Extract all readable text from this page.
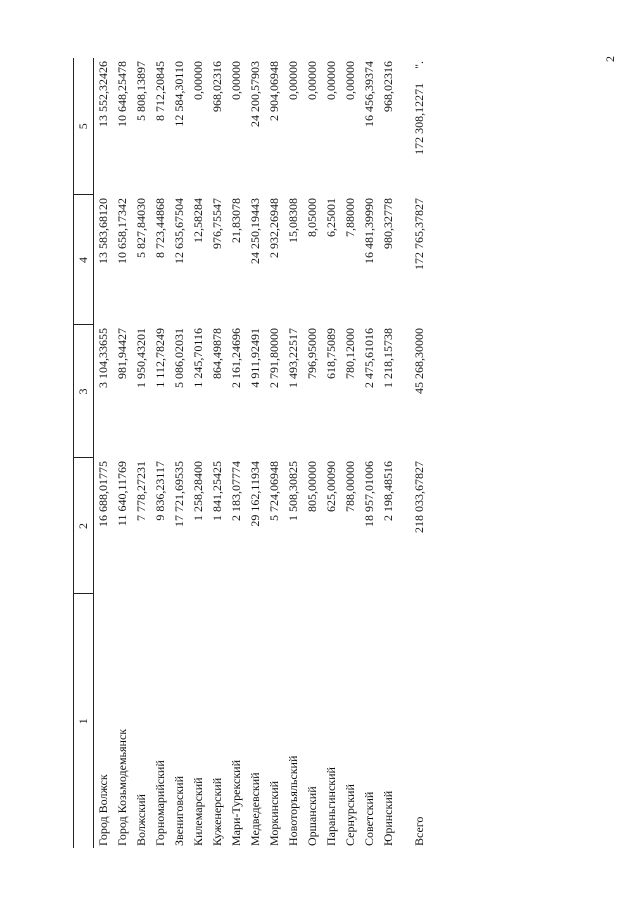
2
1	2	3	4	5
Город Волжск	16 688,01775	3 104,33655	13 583,68120	13 552,32426
Город Козьмодемьянск	11 640,11769	981,94427	10 658,17342	10 648,25478
Волжский	7 778,27231	1 950,43201	5 827,84030	5 808,13897
Горномарийский	9 836,23117	1 112,78249	8 723,44868	8 712,20845
Звениговский	17 721,69535	5 086,02031	12 635,67504	12 584,30110
Килемарский	1 258,28400	1 245,70116	12,58284	0,00000
Куженерский	1 841,25425	864,49878	976,75547	968,02316
Мари-Турекский	2 183,07774	2 161,24696	21,83078	0,00000
Медведевский	29 162,11934	4 911,92491	24 250,19443	24 200,57903
Моркинский	5 724,06948	2 791,80000	2 932,26948	2 904,06948
Новоторъяльский	1 508,30825	1 493,22517	15,08308	0,00000
Оршанский	805,00000	796,95000	8,05000	0,00000
Параньгинский	625,00090	618,75089	6,25001	0,00000
Сернурский	788,00000	780,12000	7,88000	0,00000
Советский	18 957,01006	2 475,61016	16 481,39990	16 456,39374
Юринский	2 198,48516	1 218,15738	980,32778	968,02316
Всего	218 033,67827	45 268,30000	172 765,37827	172 308,12271".
